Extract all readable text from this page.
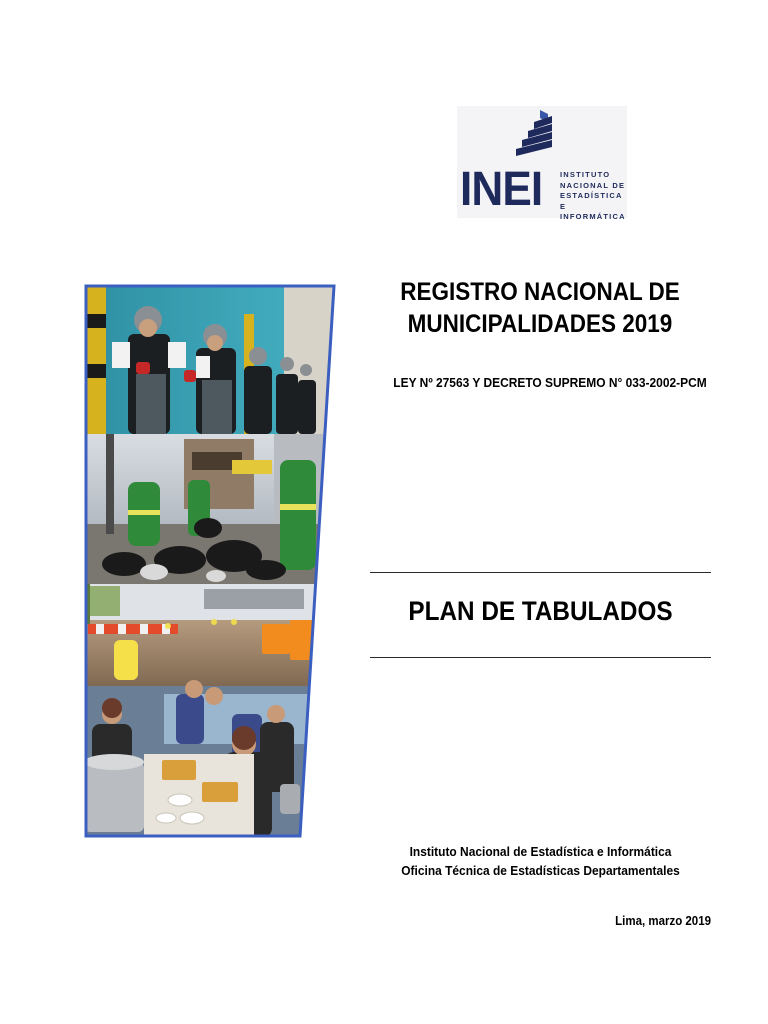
INEI INSTITUTO
NACIONAL DE
ESTADÍSTICA E
INFORMÁTICA
REGISTRO NACIONAL DE
MUNICIPALIDADES 2019
LEY Nº 27563 Y DECRETO SUPREMO N° 033-2002-PCM
PLAN DE TABULADOS
Instituto Nacional de Estadística e Informática
Oficina Técnica de Estadísticas Departamentales
Lima, marzo 2019
